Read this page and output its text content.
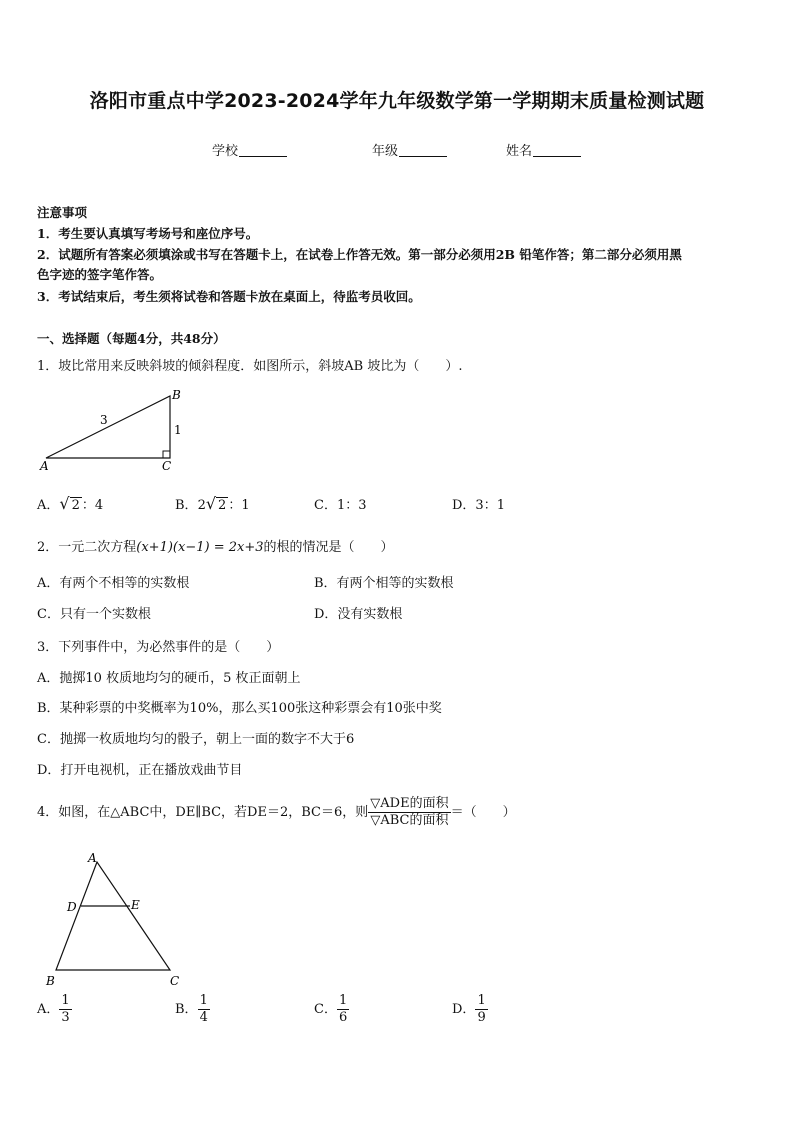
洛阳市重点中学2023-2024学年九年级数学第一学期期末质量检测试题
学校	年级	姓名
注意事项
1．考生要认真填写考场号和座位序号。
2．试题所有答案必须填涂或书写在答题卡上，在试卷上作答无效。第一部分必须用2B 铅笔作答；第二部分必须用黑
色字迹的签字笔作答。
3．考试结束后，考生须将试卷和答题卡放在桌面上，待监考员收回。
一、选择题（每题4分，共48分）
1．坡比常用来反映斜坡的倾斜程度．如图所示，斜坡AB 坡比为（　　）.
A
B
C
3
1
A．√ 2 ：4	B．2√ 2 ：1	C．1：3	D．3：1
2．一元二次方程(x+1)(x−1) = 2x+3的根的情况是（　　）
A．有两个不相等的实数根	B．有两个相等的实数根
C．只有一个实数根	D．没有实数根
3．下列事件中，为必然事件的是（　　）
A．抛掷10 枚质地均匀的硬币，5 枚正面朝上
B．某种彩票的中奖概率为10%，那么买100张这种彩票会有10张中奖
C．抛掷一枚质地均匀的骰子，朝上一面的数字不大于6
D．打开电视机，正在播放戏曲节目
4．如图，在△ABC中，DE∥BC，若DE＝2，BC＝6，则 $\frac{\text{▽ADE的面积}}{\text{▽ABC的面积}}$ ＝（　　）
A
D	E
B	C
A． $\frac{1}{3}$	B． $\frac{1}{4}$	C． $\frac{1}{6}$	D． $\frac{1}{9}$
